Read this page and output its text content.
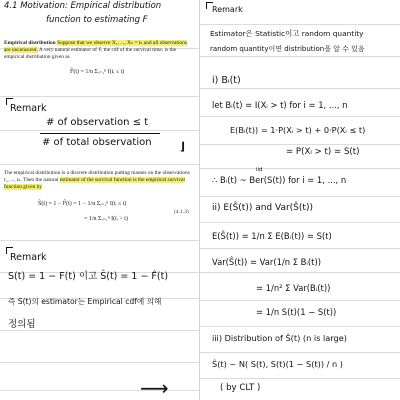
4.1 Motivation: Empirical distribution
function to estimating F
Empirical distribution Suppose that we observe X₁, ..., Xₙ = tₙ and all observations are uncensored. A very natural estimator of F, the cdf of the survival time, is the empirical distribution given as
F̂(t) = 1/n Σᵢ₌₁ⁿ I(tᵢ ≤ t)
Remark
# of observation ≤ t
# of total observation	⌋
The empirical distribution is a discrete distribution putting masses on the observations t₁, ..., tₙ. Then the natural estimator of the survival function is the empirical survival function given by
Ŝ(t) = 1 − F̂(t) = 1 − 1/n Σᵢ₌₁ⁿ I(tᵢ ≤ t)
= 1/n Σᵢ₌₁ⁿ I(tᵢ > t)
(4.1.3)
Remark
S(t) = 1 − F(t) 이고 Ŝ(t) = 1 − F̂(t)
즉 S(t)의 estimator는 Empirical cdf에 의해
정의됨
⟶
Remark
Estimator은 Statistic이고 random quantity
random quantity이면 distribution을 알 수 있음
i) Bᵢ(t)
let Bᵢ(t) = I(Xᵢ > t) for i = 1, ..., n
E(Bᵢ(t)) = 1·P(Xᵢ > t) + 0·P(Xᵢ ≤ t)
= P(Xᵢ > t) = S(t)
iid
∴ Bᵢ(t) ~ Ber(S(t)) for i = 1, ..., n
ii) E(Ŝ(t)) and Var(Ŝ(t))
E(Ŝ(t)) = 1/n Σ E(Bᵢ(t)) = S(t)
Var(Ŝ(t)) = Var(1/n Σ Bᵢ(t))
= 1/n² Σ Var(Bᵢ(t))
= 1/n S(t)(1 − S(t))
iii) Distribution of Ŝ(t) (n is large)
Ŝ(t) ~ N( S(t), S(t)(1 − S(t)) / n )
( by CLT )
